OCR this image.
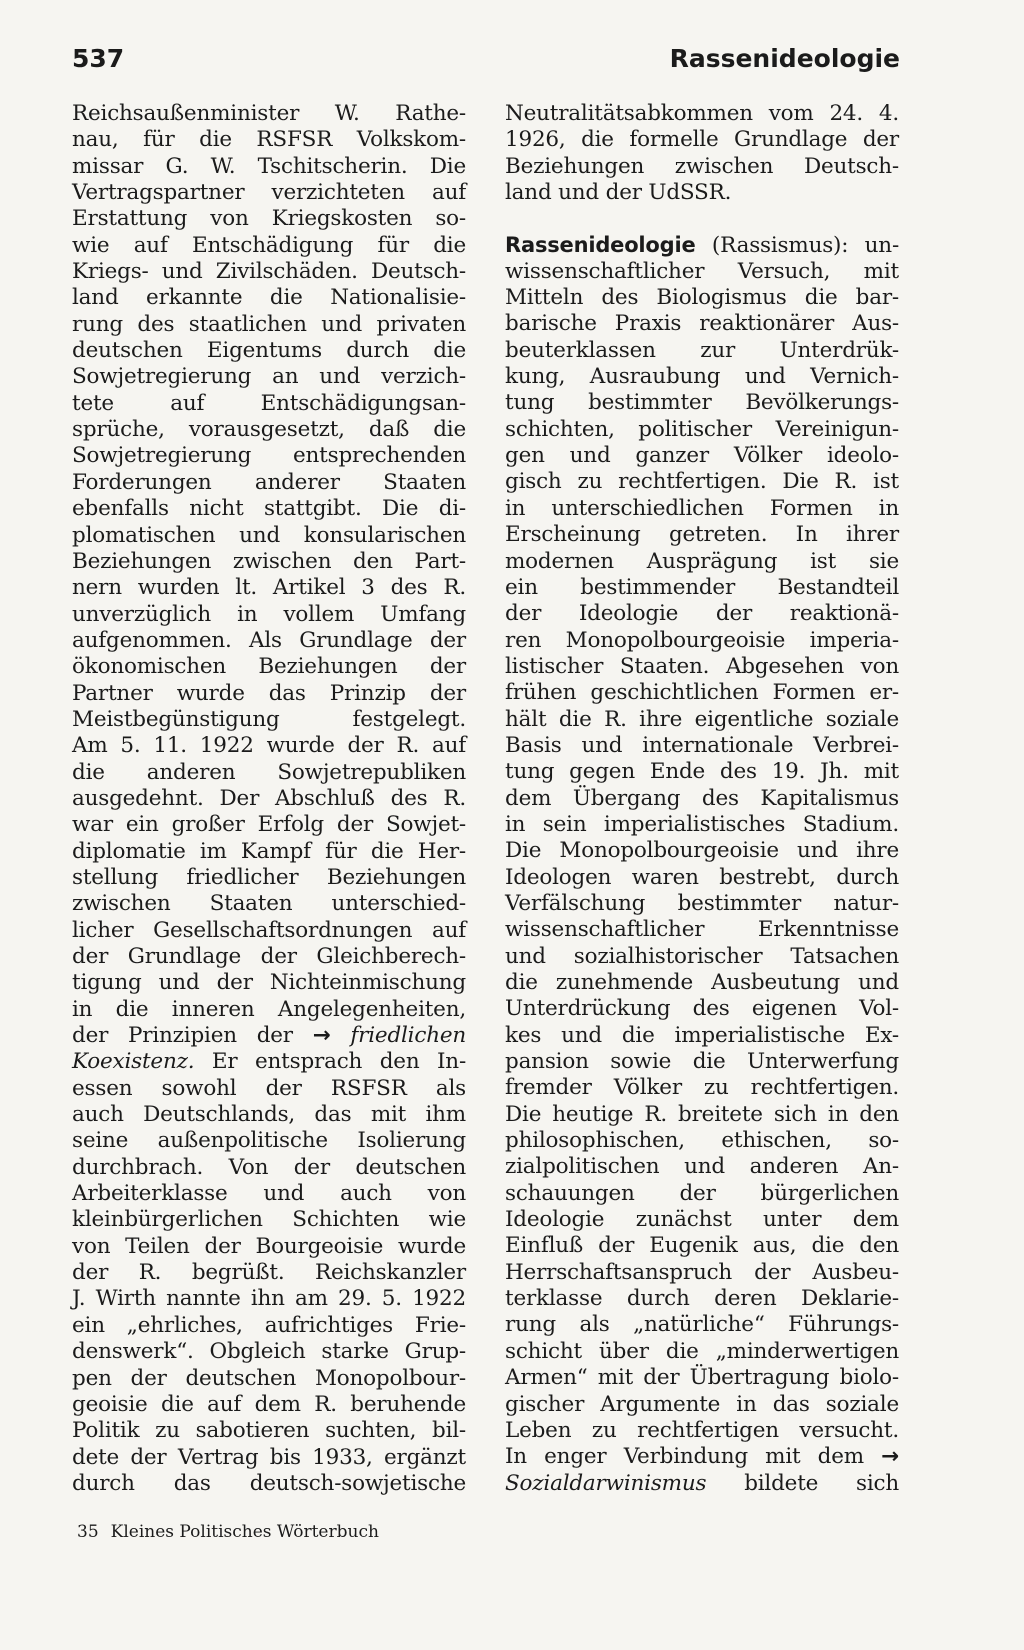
537	Rassenideologie
Reichsaußenminister W. Rathe-
nau, für die RSFSR Volkskom-
missar G. W. Tschitscherin. Die
Vertragspartner verzichteten auf
Erstattung von Kriegskosten so-
wie auf Entschädigung für die
Kriegs- und Zivilschäden. Deutsch-
land erkannte die Nationalisie-
rung des staatlichen und privaten
deutschen Eigentums durch die
Sowjetregierung an und verzich-
tete auf Entschädigungsan-
sprüche, vorausgesetzt, daß die
Sowjetregierung entsprechenden
Forderungen anderer Staaten
ebenfalls nicht stattgibt. Die di-
plomatischen und konsularischen
Beziehungen zwischen den Part-
nern wurden lt. Artikel 3 des R.
unverzüglich in vollem Umfang
aufgenommen. Als Grundlage der
ökonomischen Beziehungen der
Partner wurde das Prinzip der
Meistbegünstigung festgelegt.
Am 5. 11. 1922 wurde der R. auf
die anderen Sowjetrepubliken
ausgedehnt. Der Abschluß des R.
war ein großer Erfolg der Sowjet-
diplomatie im Kampf für die Her-
stellung friedlicher Beziehungen
zwischen Staaten unterschied-
licher Gesellschaftsordnungen auf
der Grundlage der Gleichberech-
tigung und der Nichteinmischung
in die inneren Angelegenheiten,
der Prinzipien der → friedlichen
Koexistenz. Er entsprach den In-
essen sowohl der RSFSR als
auch Deutschlands, das mit ihm
seine außenpolitische Isolierung
durchbrach. Von der deutschen
Arbeiterklasse und auch von
kleinbürgerlichen Schichten wie
von Teilen der Bourgeoisie wurde
der R. begrüßt. Reichskanzler
J. Wirth nannte ihn am 29. 5. 1922
ein „ehrliches, aufrichtiges Frie-
denswerk“. Obgleich starke Grup-
pen der deutschen Monopolbour-
geoisie die auf dem R. beruhende
Politik zu sabotieren suchten, bil-
dete der Vertrag bis 1933, ergänzt
durch das deutsch-sowjetische
Neutralitätsabkommen vom 24. 4.
1926, die formelle Grundlage der
Beziehungen zwischen Deutsch-
land und der UdSSR.
Rassenideologie (Rassismus): un-
wissenschaftlicher Versuch, mit
Mitteln des Biologismus die bar-
barische Praxis reaktionärer Aus-
beuterklassen zur Unterdrük-
kung, Ausraubung und Vernich-
tung bestimmter Bevölkerungs-
schichten, politischer Vereinigun-
gen und ganzer Völker ideolo-
gisch zu rechtfertigen. Die R. ist
in unterschiedlichen Formen in
Erscheinung getreten. In ihrer
modernen Ausprägung ist sie
ein bestimmender Bestandteil
der Ideologie der reaktionä-
ren Monopolbourgeoisie imperia-
listischer Staaten. Abgesehen von
frühen geschichtlichen Formen er-
hält die R. ihre eigentliche soziale
Basis und internationale Verbrei-
tung gegen Ende des 19. Jh. mit
dem Übergang des Kapitalismus
in sein imperialistisches Stadium.
Die Monopolbourgeoisie und ihre
Ideologen waren bestrebt, durch
Verfälschung bestimmter natur-
wissenschaftlicher Erkenntnisse
und sozialhistorischer Tatsachen
die zunehmende Ausbeutung und
Unterdrückung des eigenen Vol-
kes und die imperialistische Ex-
pansion sowie die Unterwerfung
fremder Völker zu rechtfertigen.
Die heutige R. breitete sich in den
philosophischen, ethischen, so-
zialpolitischen und anderen An-
schauungen der bürgerlichen
Ideologie zunächst unter dem
Einfluß der Eugenik aus, die den
Herrschaftsanspruch der Ausbeu-
terklasse durch deren Deklarie-
rung als „natürliche“ Führungs-
schicht über die „minderwertigen
Armen“ mit der Übertragung biolo-
gischer Argumente in das soziale
Leben zu rechtfertigen versucht.
In enger Verbindung mit dem →
Sozialdarwinismus bildete sich
35 Kleines Politisches Wörterbuch
